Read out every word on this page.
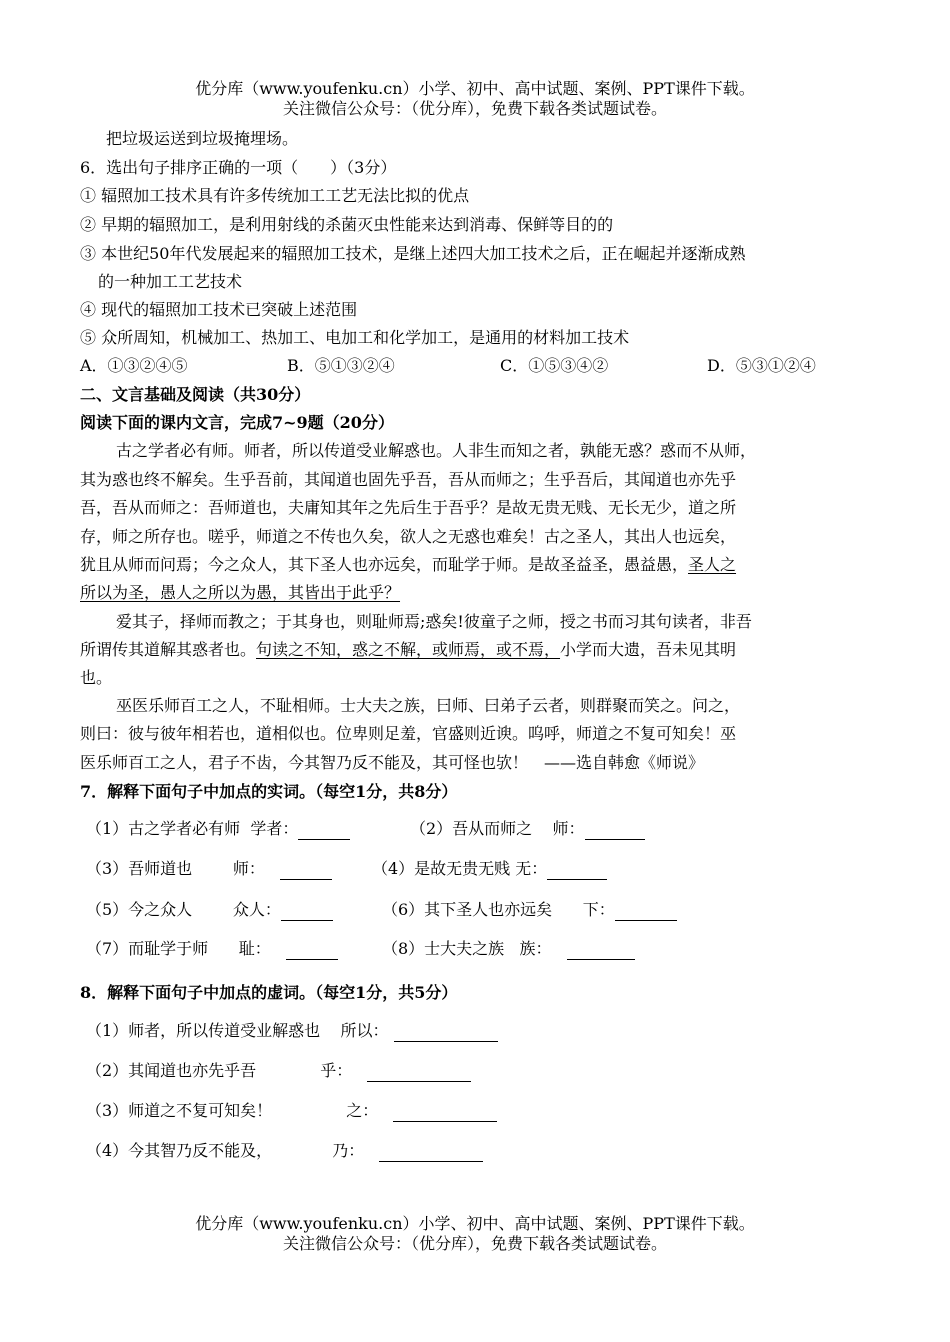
优分库（www.youfenku.cn）小学、初中、高中试题、案例、PPT课件下载。
关注微信公众号：（优分库），免费下载各类试题试卷。
把垃圾运送到垃圾掩埋场。
6．选出句子排序正确的一项（　　）（3分）
① 辐照加工技术具有许多传统加工工艺无法比拟的优点
② 早期的辐照加工，是利用射线的杀菌灭虫性能来达到消毒、保鲜等目的的
③ 本世纪50年代发展起来的辐照加工技术，是继上述四大加工技术之后，正在崛起并逐渐成熟
的一种加工工艺技术
④ 现代的辐照加工技术已突破上述范围
⑤ 众所周知，机械加工、热加工、电加工和化学加工，是通用的材料加工技术
A．①③②④⑤	B．⑤①③②④	C．①⑤③④②	D．⑤③①②④
二、文言基础及阅读（共30分）
阅读下面的课内文言，完成7~9题（20分）
古之学者必有师。师者，所以传道受业解惑也。人非生而知之者，孰能无惑？惑而不从师，
其为惑也终不解矣。生乎吾前，其闻道也固先乎吾，吾从而师之；生乎吾后，其闻道也亦先乎
吾，吾从而师之：吾师道也，夫庸知其年之先后生于吾乎？是故无贵无贱、无长无少，道之所
存，师之所存也。嗟乎，师道之不传也久矣，欲人之无惑也难矣！古之圣人，其出人也远矣，
犹且从师而问焉；今之众人，其下圣人也亦远矣，而耻学于师。是故圣益圣，愚益愚，圣人之
所以为圣，愚人之所以为愚，其皆出于此乎？
爱其子，择师而教之；于其身也，则耻师焉;惑矣!彼童子之师，授之书而习其句读者，非吾
所谓传其道解其惑者也。句读之不知，惑之不解，或师焉，或不焉，小学而大遗，吾未见其明
也。
巫医乐师百工之人，不耻相师。士大夫之族，曰师、曰弟子云者，则群聚而笑之。问之，
则曰：彼与彼年相若也，道相似也。位卑则足羞，官盛则近谀。呜呼，师道之不复可知矣！巫
医乐师百工之人，君子不齿，今其智乃反不能及，其可怪也欤！　——选自韩愈《师说》
7．解释下面句子中加点的实词。（每空1分，共8分）
（1）古之学者必有师 学者：	（2）吾从而师之 师：
（3）吾师道也	师：	（4）是故无贵无贱 无：
（5）今之众人	众人：	（6）其下圣人也亦远矣 下：
（7）而耻学于师 耻：	（8）士大夫之族 族：
8．解释下面句子中加点的虚词。（每空1分，共5分）
（1）师者，所以传道受业解惑也 所以：
（2）其闻道也亦先乎吾	乎：
（3）师道之不复可知矣！	之：
（4）今其智乃反不能及，	乃：
优分库（www.youfenku.cn）小学、初中、高中试题、案例、PPT课件下载。
关注微信公众号：（优分库），免费下载各类试题试卷。
